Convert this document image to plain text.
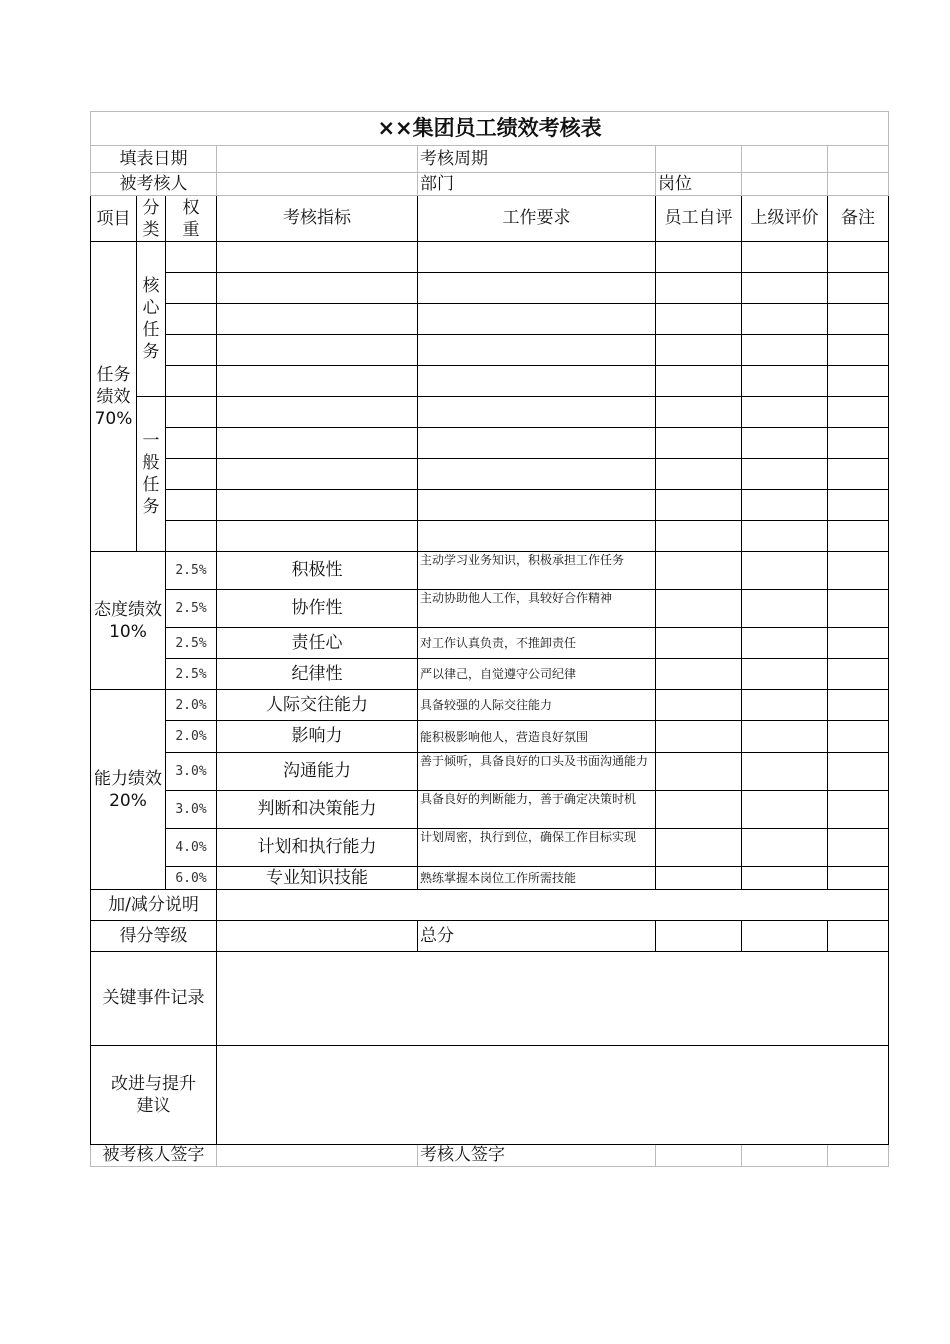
××集团员工绩效考核表							
填表日期				考核周期			
被考核人				部门	岗位		
项目	分类	权重	考核指标	工作要求	员工自评	上级评价	备注
任务绩效70%	核心任务						

	一般任务						

态度绩效10%		2.5%	积极性	主动学习业务知识，积极承担工作任务			
		2.5%	协作性	主动协助他人工作，具较好合作精神			
		2.5%	责任心	对工作认真负责，不推卸责任			
		2.5%	纪律性	严以律己，自觉遵守公司纪律			
能力绩效20%		2.0%	人际交往能力	具备较强的人际交往能力			
		2.0%	影响力	能积极影响他人，营造良好氛围			
		3.0%	沟通能力	善于倾听，具备良好的口头及书面沟通能力			
		3.0%	判断和决策能力	具备良好的判断能力，善于确定决策时机			
		4.0%	计划和执行能力	计划周密，执行到位，确保工作目标实现			
		6.0%	专业知识技能	熟练掌握本岗位工作所需技能			
加/减分说明							
得分等级				总分			
关键事件记录							
改进与提升建议							
被考核人签字				考核人签字			
